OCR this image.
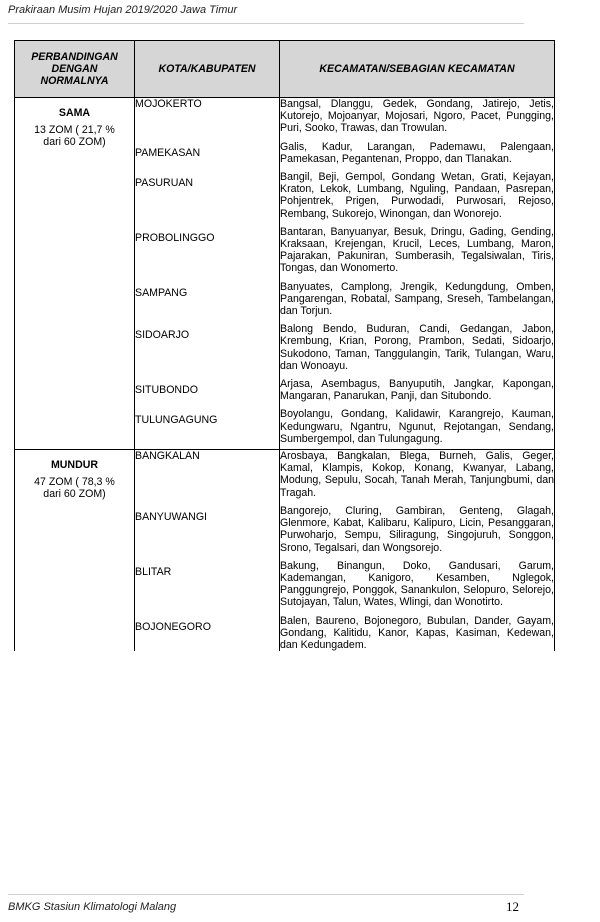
Prakiraan Musim Hujan 2019/2020 Jawa Timur
PERBANDINGAN DENGAN NORMALNYA	KOTA/KABUPATEN	KECAMATAN/SEBAGIAN KECAMATAN

SAMA
13 ZOM ( 21,7 % dari 60 ZOM)	MOJOKERTO	Bangsal, Dlanggu, Gedek, Gondang, Jatirejo, Jetis, Kutorejo, Mojoanyar, Mojosari, Ngoro, Pacet, Pungging, Puri, Sooko, Trawas, dan Trowulan.

	PAMEKASAN	Galis, Kadur, Larangan, Pademawu, Palengaan, Pamekasan, Pegantenan, Proppo, dan Tlanakan.

	PASURUAN	Bangil, Beji, Gempol, Gondang Wetan, Grati, Kejayan, Kraton, Lekok, Lumbang, Nguling, Pandaan, Pasrepan, Pohjentrek, Prigen, Purwodadi, Purwosari, Rejoso, Rembang, Sukorejo, Winongan, dan Wonorejo.

	PROBOLINGGO	Bantaran, Banyuanyar, Besuk, Dringu, Gading, Gending, Kraksaan, Krejengan, Krucil, Leces, Lumbang, Maron, Pajarakan, Pakuniran, Sumberasih, Tegalsiwalan, Tiris, Tongas, dan Wonomerto.

	SAMPANG	Banyuates, Camplong, Jrengik, Kedungdung, Omben, Pangarengan, Robatal, Sampang, Sreseh, Tambelangan, dan Torjun.

	SIDOARJO	Balong Bendo, Buduran, Candi, Gedangan, Jabon, Krembung, Krian, Porong, Prambon, Sedati, Sidoarjo, Sukodono, Taman, Tanggulangin, Tarik, Tulangan, Waru, dan Wonoayu.

	SITUBONDO	Arjasa, Asembagus, Banyuputih, Jangkar, Kapongan, Mangaran, Panarukan, Panji, dan Situbondo.

	TULUNGAGUNG	Boyolangu, Gondang, Kalidawir, Karangrejo, Kauman, Kedungwaru, Ngantru, Ngunut, Rejotangan, Sendang, Sumbergempol, dan Tulungagung.

MUNDUR
47 ZOM ( 78,3 % dari 60 ZOM)	BANGKALAN	Arosbaya, Bangkalan, Blega, Burneh, Galis, Geger, Kamal, Klampis, Kokop, Konang, Kwanyar, Labang, Modung, Sepulu, Socah, Tanah Merah, Tanjungbumi, dan Tragah.

	BANYUWANGI	Bangorejo, Cluring, Gambiran, Genteng, Glagah, Glenmore, Kabat, Kalibaru, Kalipuro, Licin, Pesanggaran, Purwoharjo, Sempu, Siliragung, Singojuruh, Songgon, Srono, Tegalsari, dan Wongsorejo.

	BLITAR	Bakung, Binangun, Doko, Gandusari, Garum, Kademangan, Kanigoro, Kesamben, Nglegok, Panggungrejo, Ponggok, Sanankulon, Selopuro, Selorejo, Sutojayan, Talun, Wates, Wlingi, dan Wonotirto.

	BOJONEGORO	Balen, Baureno, Bojonegoro, Bubulan, Dander, Gayam, Gondang, Kalitidu, Kanor, Kapas, Kasiman, Kedewan, dan Kedungadem.
BMKG Stasiun Klimatologi Malang	12
